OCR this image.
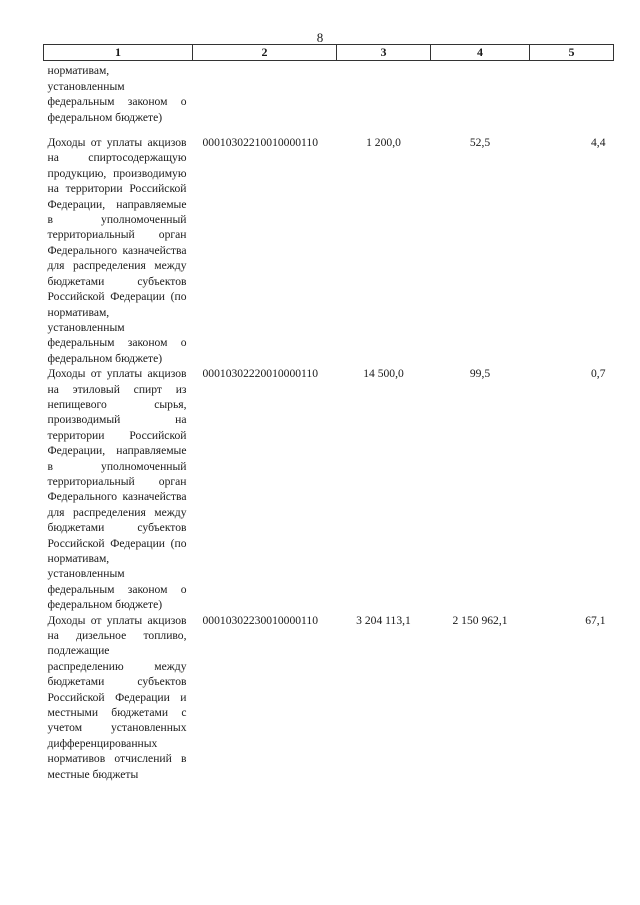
8
1	2	3	4	5
нормативам, установленным федеральным законом о федеральном бюджете)				
Доходы от уплаты акцизов на спиртосодержащую продукцию, производимую на территории Российской Федерации, направляемые в уполномоченный территориальный орган Федерального казначейства для распределения между бюджетами субъектов Российской Федерации (по нормативам, установленным федеральным законом о федеральном бюджете)	00010302210010000110	1 200,0	52,5	4,4
Доходы от уплаты акцизов на этиловый спирт из непищевого сырья, производимый на территории Российской Федерации, направляемые в уполномоченный территориальный орган Федерального казначейства для распределения между бюджетами субъектов Российской Федерации (по нормативам, установленным федеральным законом о федеральном бюджете)	00010302220010000110	14 500,0	99,5	0,7
Доходы от уплаты акцизов на дизельное топливо, подлежащие распределению между бюджетами субъектов Российской Федерации и местными бюджетами с учетом установленных дифференцированных нормативов отчислений в местные бюджеты	00010302230010000110	3 204 113,1	2 150 962,1	67,1
